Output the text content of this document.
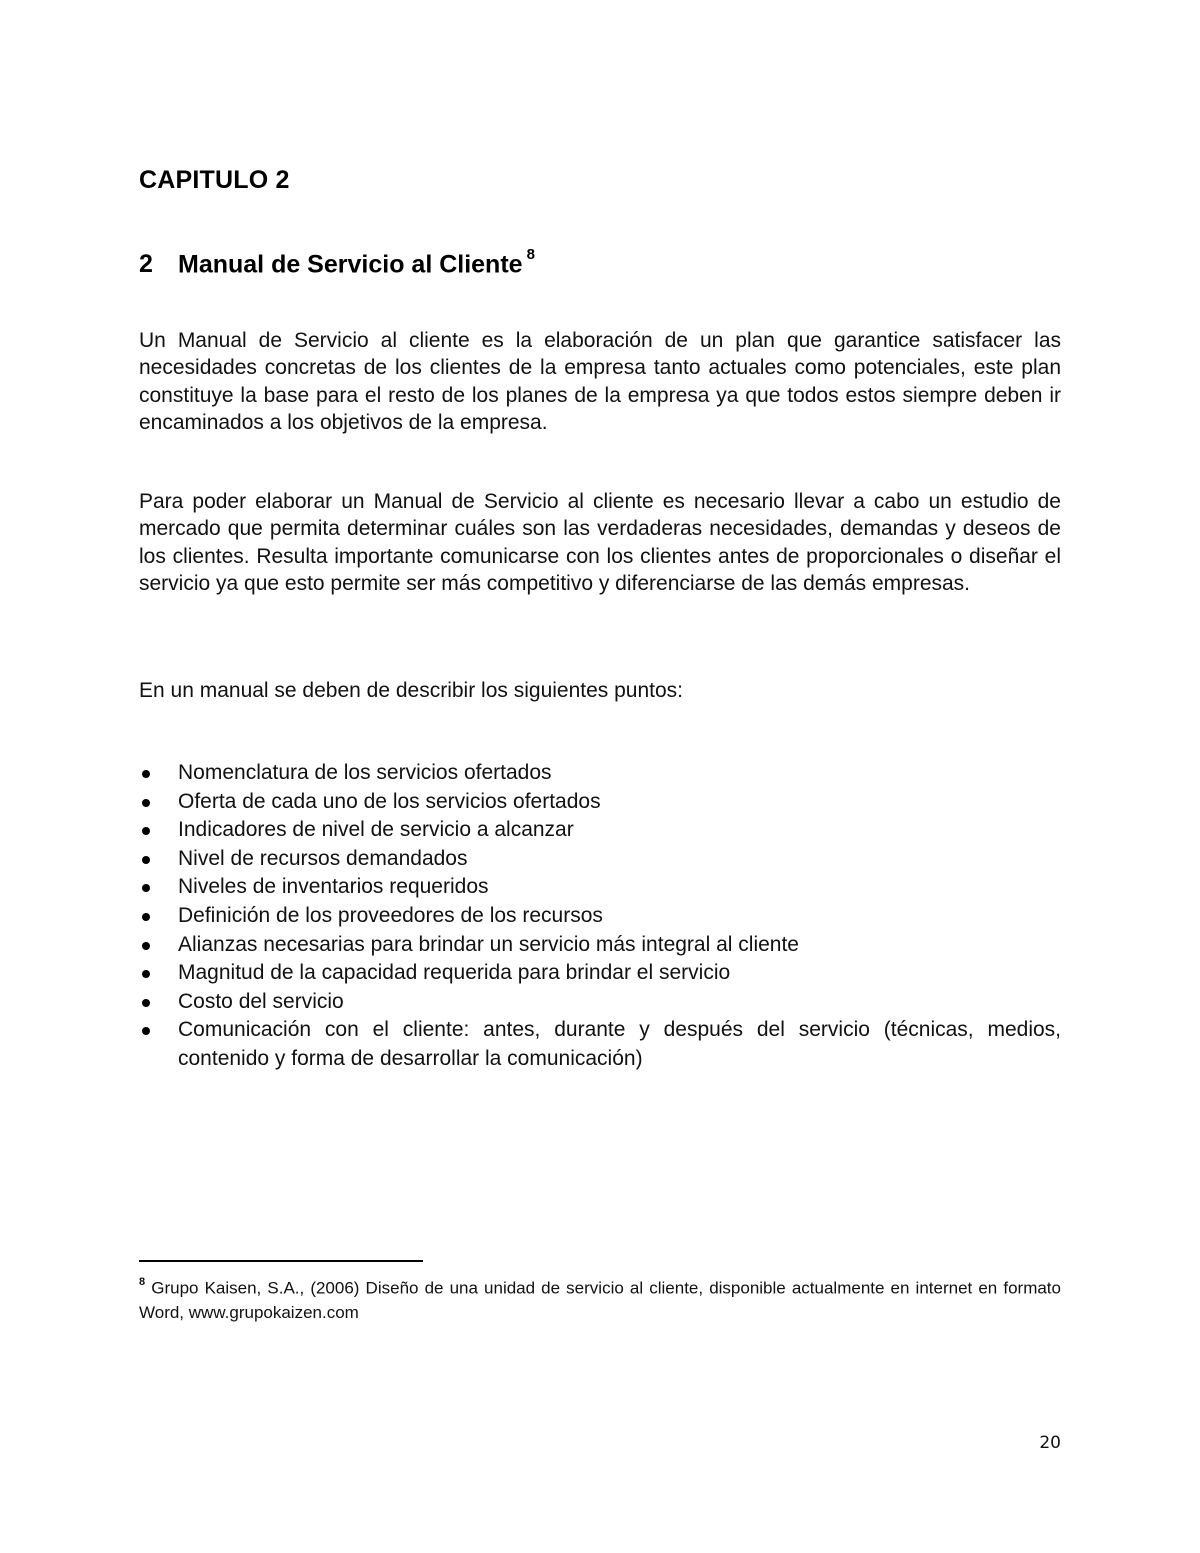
CAPITULO 2
2 Manual de Servicio al Cliente $^8$
Un Manual de Servicio al cliente es la elaboración de un plan que garantice satisfacer las necesidades concretas de los clientes de la empresa tanto actuales como potenciales, este plan constituye la base para el resto de los planes de la empresa ya que todos estos siempre deben ir encaminados a los objetivos de la empresa.
Para poder elaborar un Manual de Servicio al cliente es necesario llevar a cabo un estudio de mercado que permita determinar cuáles son las verdaderas necesidades, demandas y deseos de los clientes. Resulta importante comunicarse con los clientes antes de proporcionales o diseñar el servicio ya que esto permite ser más competitivo y diferenciarse de las demás empresas.
En un manual se deben de describir los siguientes puntos:
Nomenclatura de los servicios ofertados
Oferta de cada uno de los servicios ofertados
Indicadores de nivel de servicio a alcanzar
Nivel de recursos demandados
Niveles de inventarios requeridos
Definición de los proveedores de los recursos
Alianzas necesarias para brindar un servicio más integral al cliente
Magnitud de la capacidad requerida para brindar el servicio
Costo del servicio
Comunicación con el cliente: antes, durante y después del servicio (técnicas, medios, contenido y forma de desarrollar la comunicación)
$^8$ Grupo Kaisen, S.A., (2006) Diseño de una unidad de servicio al cliente, disponible actualmente en internet en formato Word, www.grupokaizen.com
20
